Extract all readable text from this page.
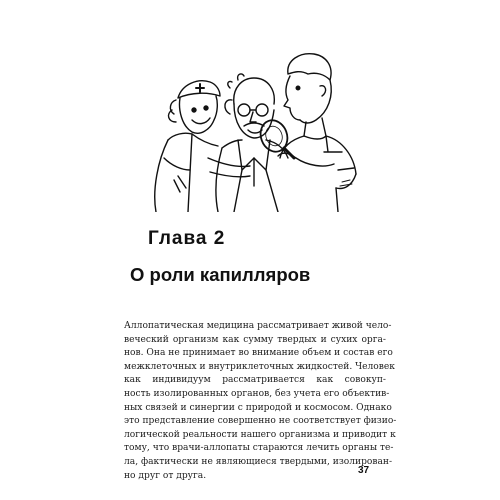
Глава 2
О роли капилляров
Аллопатическая медицина рассматривает живой чело-
веческий организм как сумму твердых и сухих орга-
нов. Она не принимает во внимание объем и состав его
межклеточных и внутриклеточных жидкостей. Человек
как индивидуум рассматривается как совокуп-
ность изолированных органов, без учета его объектив-
ных связей и синергии с природой и космосом. Однако
это представление совершенно не соответствует физио-
логической реальности нашего организма и приводит к
тому, что врачи-аллопаты стараются лечить органы те-
ла, фактически не являющиеся твердыми, изолирован-
но друг от друга.	37
